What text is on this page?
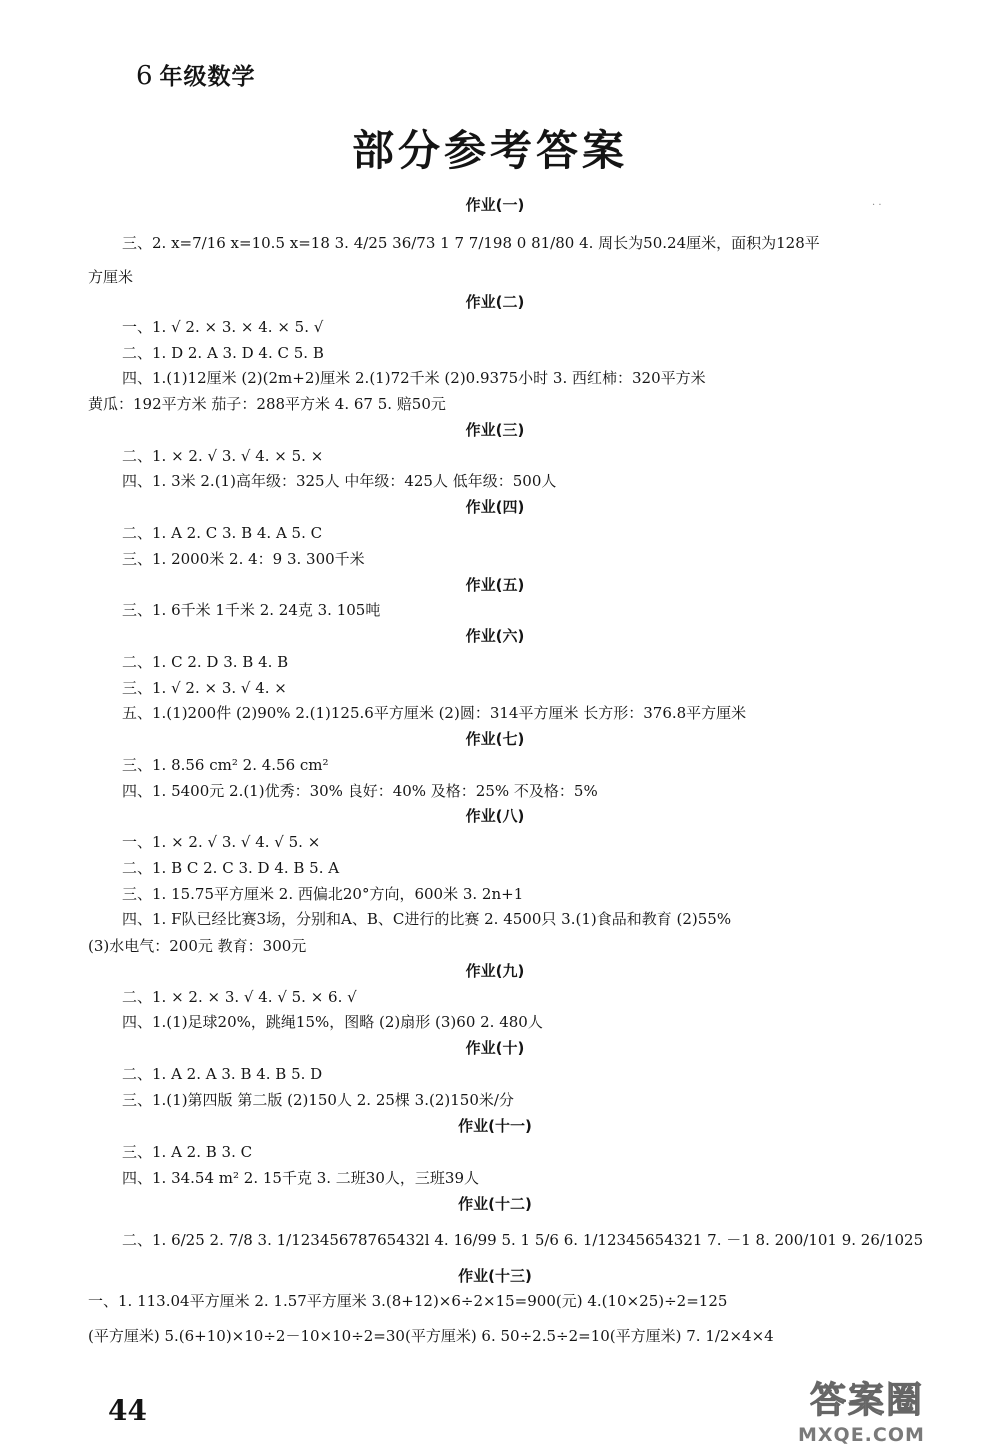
6 年级数学
部分参考答案
· ·
作业(一)
三、2. x=7/16 x=10.5 x=18 3. 4/25 36/73 1 7 7/198 0 81/80 4. 周长为50.24厘米，面积为128平
方厘米
作业(二)
一、1. √ 2. × 3. × 4. × 5. √
二、1. D 2. A 3. D 4. C 5. B
四、1.(1)12厘米 (2)(2m+2)厘米 2.(1)72千米 (2)0.9375小时 3. 西红柿：320平方米
黄瓜：192平方米 茄子：288平方米 4. 67 5. 赔50元
作业(三)
二、1. × 2. √ 3. √ 4. × 5. ×
四、1. 3米 2.(1)高年级：325人 中年级：425人 低年级：500人
作业(四)
二、1. A 2. C 3. B 4. A 5. C
三、1. 2000米 2. 4：9 3. 300千米
作业(五)
三、1. 6千米 1千米 2. 24克 3. 105吨
作业(六)
二、1. C 2. D 3. B 4. B
三、1. √ 2. × 3. √ 4. ×
五、1.(1)200件 (2)90% 2.(1)125.6平方厘米 (2)圆：314平方厘米 长方形：376.8平方厘米
作业(七)
三、1. 8.56 cm² 2. 4.56 cm²
四、1. 5400元 2.(1)优秀：30% 良好：40% 及格：25% 不及格：5%
作业(八)
一、1. × 2. √ 3. √ 4. √ 5. ×
二、1. B C 2. C 3. D 4. B 5. A
三、1. 15.75平方厘米 2. 西偏北20°方向，600米 3. 2n+1
四、1. F队已经比赛3场，分别和A、B、C进行的比赛 2. 4500只 3.(1)食品和教育 (2)55%
(3)水电气：200元 教育：300元
作业(九)
二、1. × 2. × 3. √ 4. √ 5. × 6. √
四、1.(1)足球20%，跳绳15%，图略 (2)扇形 (3)60 2. 480人
作业(十)
二、1. A 2. A 3. B 4. B 5. D
三、1.(1)第四版 第二版 (2)150人 2. 25棵 3.(2)150米/分
作业(十一)
三、1. A 2. B 3. C
四、1. 34.54 m² 2. 15千克 3. 二班30人，三班39人
作业(十二)
二、1. 6/25 2. 7/8 3. 1/12345678765432l 4. 16/99 5. 1 5/6 6. 1/12345654321 7. －1 8. 200/101 9. 26/1025
作业(十三)
一、1. 113.04平方厘米 2. 1.57平方厘米 3.(8+12)×6÷2×15=900(元) 4.(10×25)÷2=125
(平方厘米) 5.(6+10)×10÷2－10×10÷2=30(平方厘米) 6. 50÷2.5÷2=10(平方厘米) 7. 1/2×4×4
44	答案圈
MXQE.COM
